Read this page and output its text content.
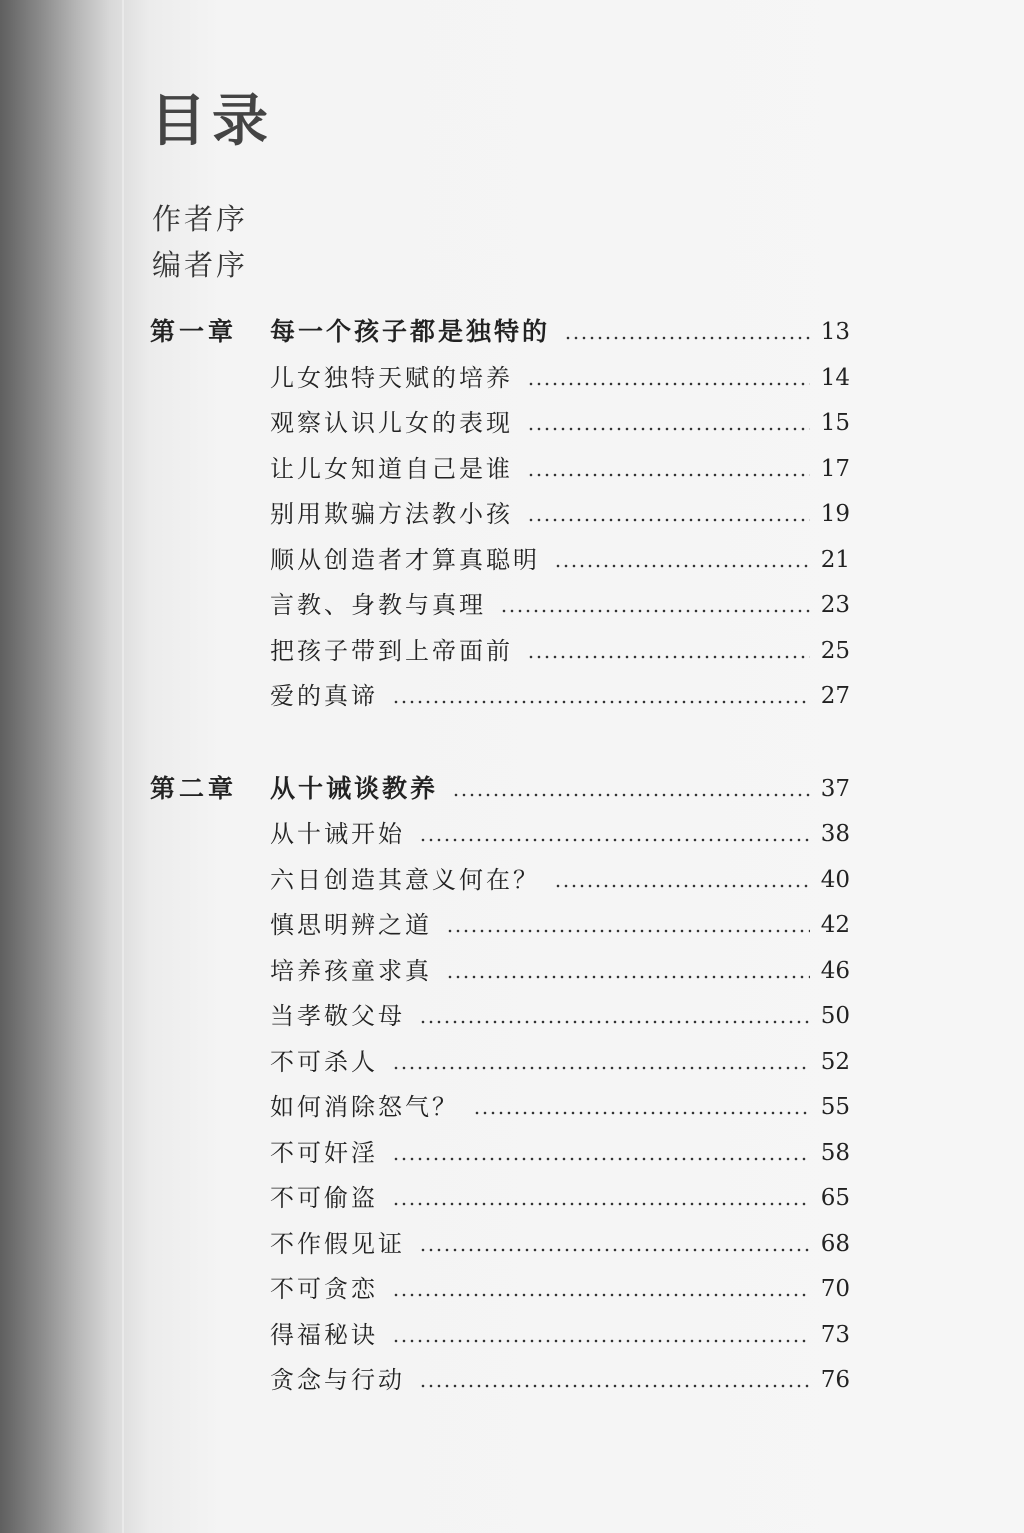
目录
作者序
编者序
第一章 每一个孩子都是独特的	13
儿女独特天赋的培养	14
观察认识儿女的表现	15
让儿女知道自己是谁	17
别用欺骗方法教小孩	19
顺从创造者才算真聪明	21
言教、身教与真理	23
把孩子带到上帝面前	25
爱的真谛	27
第二章 从十诫谈教养	37
从十诫开始	38
六日创造其意义何在？	40
慎思明辨之道	42
培养孩童求真	46
当孝敬父母	50
不可杀人	52
如何消除怒气？	55
不可奸淫	58
不可偷盗	65
不作假见证	68
不可贪恋	70
得福秘诀	73
贪念与行动	76
